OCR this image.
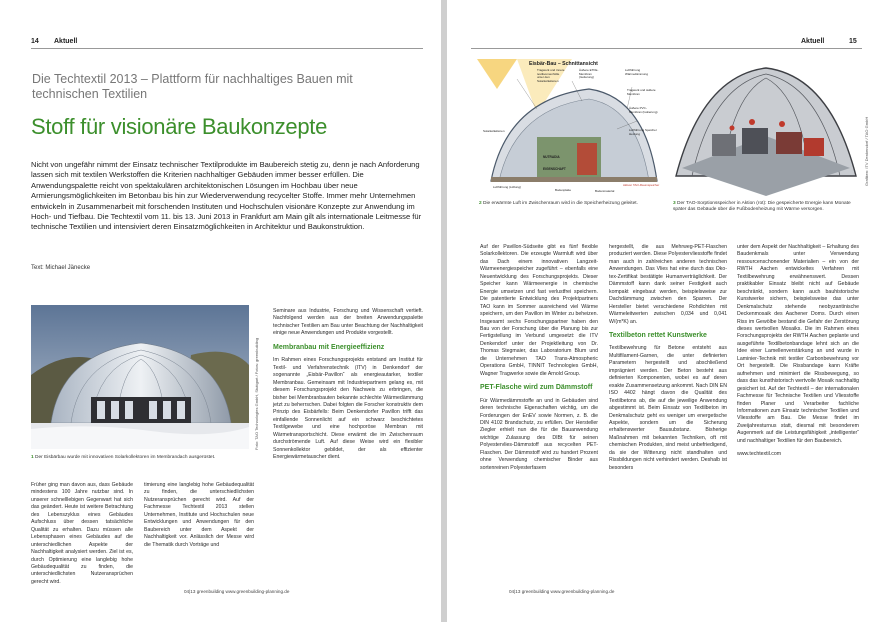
14 Aktuell
Die Techtextil 2013 – Plattform für nachhaltiges Bauen mit technischen Textilien
Stoff für visionäre Baukonzepte
Nicht von ungefähr nimmt der Einsatz technischer Textilprodukte im Baubereich stetig zu, denn je nach Anforderung lassen sich mit textilen Werkstoffen die Kriterien nachhaltiger Gebäuden immer besser erfüllen. Die Anwendungspalette reicht von spektakulären architektonischen Lösungen im Hochbau über neue Armierungsmöglichkeiten im Betonbau bis hin zur Wiederverwendung recycelter Stoffe. Immer mehr Unternehmen entwickeln in Zusammenarbeit mit forschenden Instituten und Hochschulen visionäre Konzepte zur Anwendung im Hoch- und Tiefbau. Die Techtextil vom 11. bis 13. Juni 2013 in Frankfurt am Main gilt als internationale Leitmesse für technische Textilien und intensiviert deren Einsatzmöglichkeiten in Architektur und Baukonstruktion.
Text: Michael Jänecke
Foto: TAO Technologies GmbH, Stuttgart / Fotos: greenbuilding
1 Der Eisbärbau wurde mit innovativen Solarkollektoren im Membrandach ausgerüstet.

Früher ging man davon aus, dass Gebäude mindestens 100 Jahre nutzbar sind. In unserer schnelllebigen Gegenwart hat sich das geändert. Heute ist weitere Betrachtung des Lebenszyklus eines Gebäudes Aufschluss über dessen tatsächliche Qualität zu erhalten. Dazu müssen alle Lebensphasen eines Gebäudes auf die unterschiedlichen Aspekte der Nachhaltigkeit analysiert werden. Ziel ist es, durch Optimierung eine langlebig hohe Gebäudequalität zu finden, die unterschiedlichsten Nutzeransprüchen gerecht wird.

timierung eine langlebig hohe Gebäudequalität zu finden, die unterschiedlichsten Nutzeransprüchen gerecht wird. Auf der Fachmesse Techtextil 2013 stellen Unternehmen, Institute und Hochschulen neue Entwicklungen und Anwendungen für den Baubereich unter dem Aspekt der Nachhaltigkeit vor. Anlässlich der Messe wird die Thematik durch Vorträge und

Seminare aus Industrie, Forschung und Wissenschaft vertieft. Nachfolgend werden aus der breiten Anwendungspalette technischer Textilien am Bau unter Beachtung der Nachhaltigkeit einige neue Anwendungen und Produkte vorgestellt.

Membranbau mit Energieeffizienz

Im Rahmen eines Forschungsprojekts entstand am Institut für Textil- und Verfahrenstechnik (ITV) in Denkendorf der sogenannte „Eisbär-Pavillon“ als energieautarker, textiler Membranbau. Gemeinsam mit Industriepartnern gelang es, mit diesem Forschungsprojekt den Nachweis zu erbringen, die bisher bei Membranbauten bekannte schlechte Wärmedämmung jetzt zu beherrschen. Dabei folgten die Forscher konstruktiv dem Prinzip des Eisbärfells: Beim Denkendorfer Pavillon trifft das einfallende Sonnenlicht auf ein schwarz beschichtetes Textilgewebe und eine hochporöse Membran mit Wärmetransportschicht. Diese erwärmt die im Zwischenraum durchströmende Luft. Auf diese Weise wird ein flexibler Sonnenkollektor gebildet, der als effizienter Energiewärmetauscher dient.

04|13 greenbuilding www.greenbuilding-planning.de
Aktuell	15
Eisbär-Bau – Schnittansicht
Tragwerk und innere textilsonnenhülle unter den Solarkollektoren
Äußere ETFE-Membran (Isolierung)
Luftführung Wärmedämmung
Tragwerk und äußere Membran
Äußere PVC-Membran (Isolierung)
Luftführung Speicher Heizung
Solarkollektoren
NUTRADIA
EIGENSCHAFT
Luftführung (Lüftung)
Bodenplatte
Aktiver TAO-Raumspeicher
Bodenmaterial
Grafiken: ITV Denkendorf / TAO GmbH
2 Die erwärmte Luft im Zwischenraum wird in die Speicherheizung geleitet.	3 Der TAO-Sorptionsspeicher in Aktion (rot): Die gespeicherte Energie kann Monate später das Gebäude über die Fußbodenheizung mit Wärme versorgen.

Auf der Pavillon-Südseite gibt es fünf flexible Solarkollektoren. Die erzeugte Warmluft wird über das Dach einem innovativen Langzeit-Wärmeenergiespeicher zugeführt – ebenfalls eine Neuentwicklung des Forschungsprojekts. Dieser Speicher kann Wärmeenergie in chemische Energie umsetzen und fast verlustfrei speichern. Die patentierte Entwicklung des Projektpartners TAO kann im Sommer ausreichend viel Wärme speichern, um den Pavillon im Winter zu beheizen. Insgesamt sechs Forschungspartner haben den Bau von der Forschung über die Planung bis zur Fertigstellung im Verbund umgesetzt: die ITV Denkendorf unter der Projektleitung von Dr. Thomas Stegmaier, das Laboratorium Blum und die Unternehmen TAO Trans-Atmospheric Operations GmbH, TINNIT Technologies GmbH, Wagner Tragwerke sowie die Arnold Group.

PET-Flasche wird zum Dämmstoff

Für Wärmedämmstoffe an und in Gebäuden sind deren technische Eigenschaften wichtig, um die Forderungen der EnEV sowie Normen, z. B. die DIN 4102 Brandschutz, zu erfüllen. Der Hersteller Ziegler erhielt nun die für die Bauanwendung wichtige Zulassung des DIBt für seinen Polyestervlies-Dämmstoff aus recycelten PET-Flaschen. Der Dämmstoff wird zu hundert Prozent ohne Verwendung chemischer Binder aus sortenreinen Polyesterfasern

hergestellt, die aus Mehrweg-PET-Flaschen produziert werden. Diese Polyestervliesstoffe findet man auch in zahlreichen anderen technischen Anwendungen. Das Vlies hat eine durch das Oko-tex-Zertifikat bestätigte Humanverträglichkeit. Der Dämmstoff kann dank seiner Festigkeit auch kompakt eingebaut werden, beispielsweise zur Dachdämmung zwischen den Sparren. Der Hersteller bietet verschiedene Rohdichten mit Wärmeleitwerten zwischen 0,034 und 0,041 W/(m*K) an.

Textilbeton rettet Kunstwerke

Textilbewehrung für Betone entsteht aus Multifilament-Garnen, die unter definierten Parametern hergestellt und abschließend imprägniert werden. Der Beton besteht aus definierten Komponenten, wobei es auf deren exakte Zusammensetzung ankommt. Nach DIN EN ISO 4402 hängt davon die Qualität des Textilbetons ab, die auf die jeweilige Anwendung abgestimmt ist. Beim Einsatz von Textilbeton im Denkmalschutz geht es weniger um energetische Aspekte, sondern um die Sicherung erhaltenswerter Bausubstanz. Bisherige Maßnahmen mit bekannten Techniken, oft mit chemischen Produkten, sind meist unbefriedigend, da sie der Witterung nicht standhalten und Rissbildungen nicht verhindert werden. Deshalb ist besonders

unter dem Aspekt der Nachhaltigkeit – Erhaltung des Baudenkmals unter Verwendung ressourcenschonender Materialien – ein von der RWTH Aachen entwickeltes Verfahren mit Textilbewehrung erwähnenswert. Dessen praktikabler Einsatz bleibt nicht auf Gebäude beschränkt, sondern kann auch bauhistorische Kunstwerke sichern, beispielsweise das unter Denkmalschutz stehende neobyzantinische Deckenmosaik des Aachener Doms. Durch einen Riss im Gewölbe bestand die Gefahr der Zerstörung dieses wertvollen Mosaiks. Die im Rahmen eines Forschungsprojekts der RWTH Aachen geplante und ausgeführte Textilbetonbandage lehnt sich an die Idee einer Lamellenverstärkung an und wurde in Laminier-Technik mit textiler Carbonbewehrung vor Ort hergestellt. Die Rissbandage kann Kräfte aufnehmen und minimiert die Rissbewegung, so dass das kunsthistorisch wertvolle Mosaik nachhaltig gesichert ist. Auf der Techtextil – der internationalen Fachmesse für Technische Textilien und Vliesstoffe finden Planer und Verarbeiter fachliche Informationen zum Einsatz technischer Textilien und Vliesstoffe am Bau. Die Messe findet im Zweijahresturnus statt, diesmal mit besonderem Augenmerk auf die Leistungsfähigkeit „intelligenter“ und nachhaltiger Textilien für den Baubereich.

www.techtextil.com

04|13 greenbuilding www.greenbuilding-planning.de
